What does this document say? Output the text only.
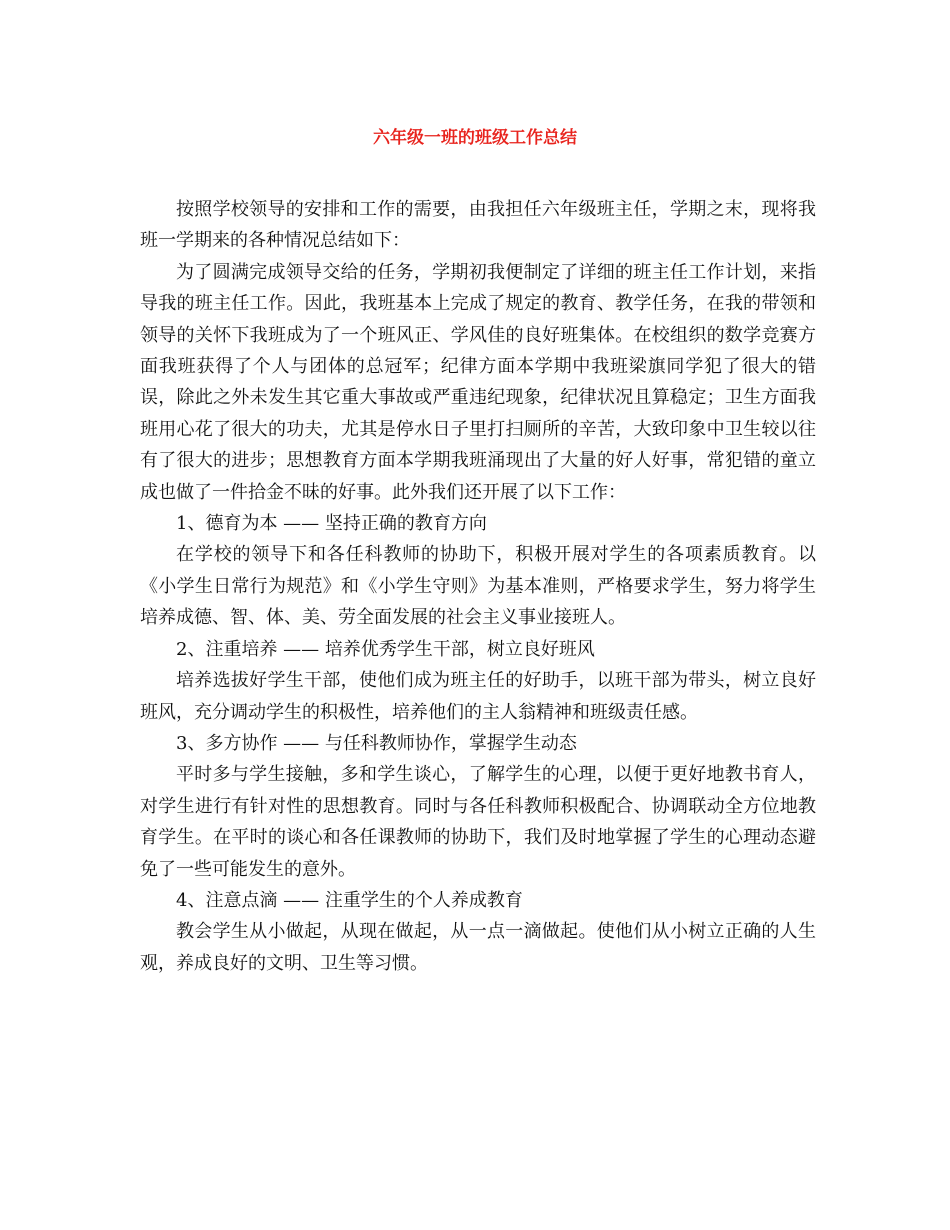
六年级一班的班级工作总结

按照学校领导的安排和工作的需要，由我担任六年级班主任，学期之末，现将我班一学期来的各种情况总结如下：

为了圆满完成领导交给的任务，学期初我便制定了详细的班主任工作计划，来指导我的班主任工作。因此，我班基本上完成了规定的教育、教学任务，在我的带领和领导的关怀下我班成为了一个班风正、学风佳的良好班集体。在校组织的数学竞赛方面我班获得了个人与团体的总冠军；纪律方面本学期中我班梁旗同学犯了很大的错误，除此之外未发生其它重大事故或严重违纪现象，纪律状况且算稳定；卫生方面我班用心花了很大的功夫，尤其是停水日子里打扫厕所的辛苦，大致印象中卫生较以往有了很大的进步；思想教育方面本学期我班涌现出了大量的好人好事，常犯错的童立成也做了一件拾金不昧的好事。此外我们还开展了以下工作：

1、德育为本 —— 坚持正确的教育方向

在学校的领导下和各任科教师的协助下，积极开展对学生的各项素质教育。以《小学生日常行为规范》和《小学生守则》为基本准则，严格要求学生，努力将学生培养成德、智、体、美、劳全面发展的社会主义事业接班人。

2、注重培养 —— 培养优秀学生干部，树立良好班风

培养选拔好学生干部，使他们成为班主任的好助手，以班干部为带头，树立良好班风，充分调动学生的积极性，培养他们的主人翁精神和班级责任感。

3、多方协作 —— 与任科教师协作，掌握学生动态

平时多与学生接触，多和学生谈心，了解学生的心理，以便于更好地教书育人，对学生进行有针对性的思想教育。同时与各任科教师积极配合、协调联动全方位地教育学生。在平时的谈心和各任课教师的协助下，我们及时地掌握了学生的心理动态避免了一些可能发生的意外。

4、注意点滴 —— 注重学生的个人养成教育

教会学生从小做起，从现在做起，从一点一滴做起。使他们从小树立正确的人生观，养成良好的文明、卫生等习惯。
